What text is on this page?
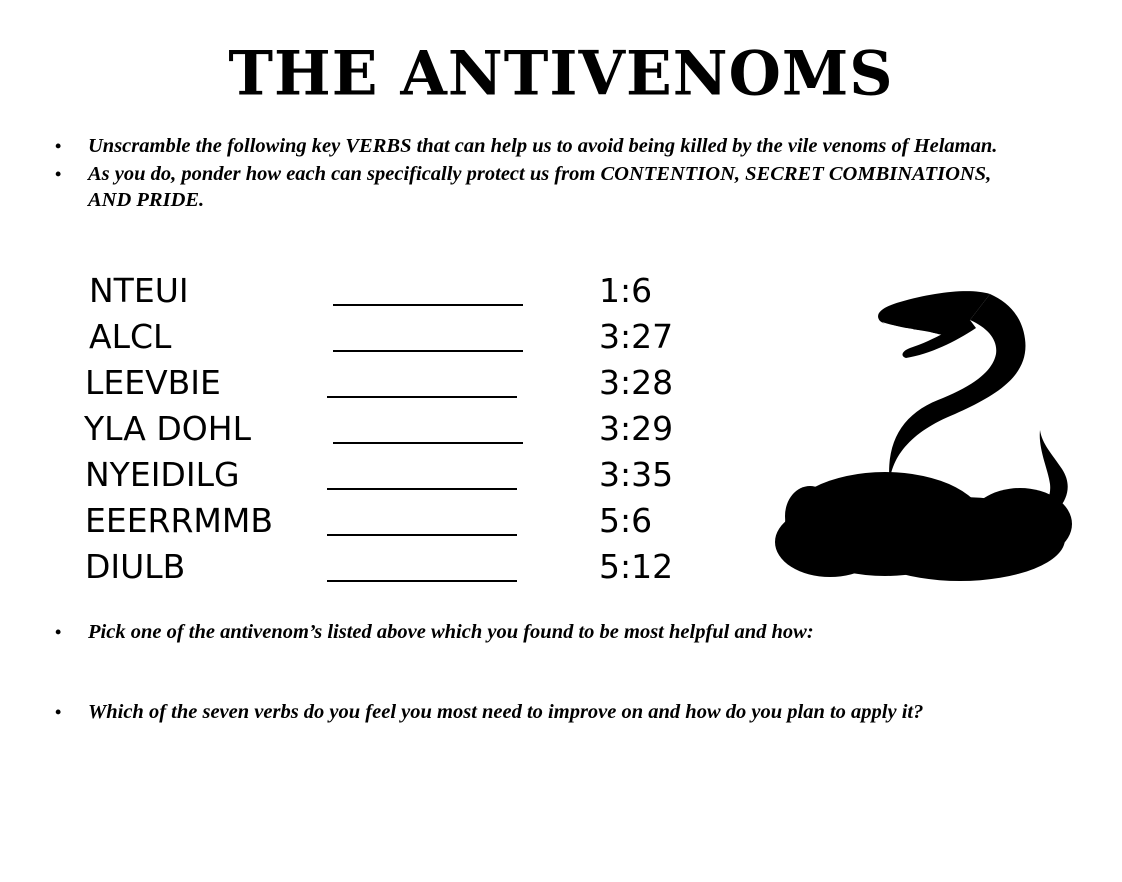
THE ANTIVENOMS
• Unscramble the following key VERBS that can help us to avoid being killed by the vile venoms of Helaman.
• As you do, ponder how each can specifically protect us from CONTENTION, SECRET COMBINATIONS, AND PRIDE.
NTEUI	1:6
ALCL	3:27
LEEVBIE	3:28
YLA DOHL	3:29
NYEIDILG	3:35
EEERRMMB	5:6
DIULB	5:12
• Pick one of the antivenom’s listed above which you found to be most helpful and how:
• Which of the seven verbs do you feel you most need to improve on and how do you plan to apply it?
